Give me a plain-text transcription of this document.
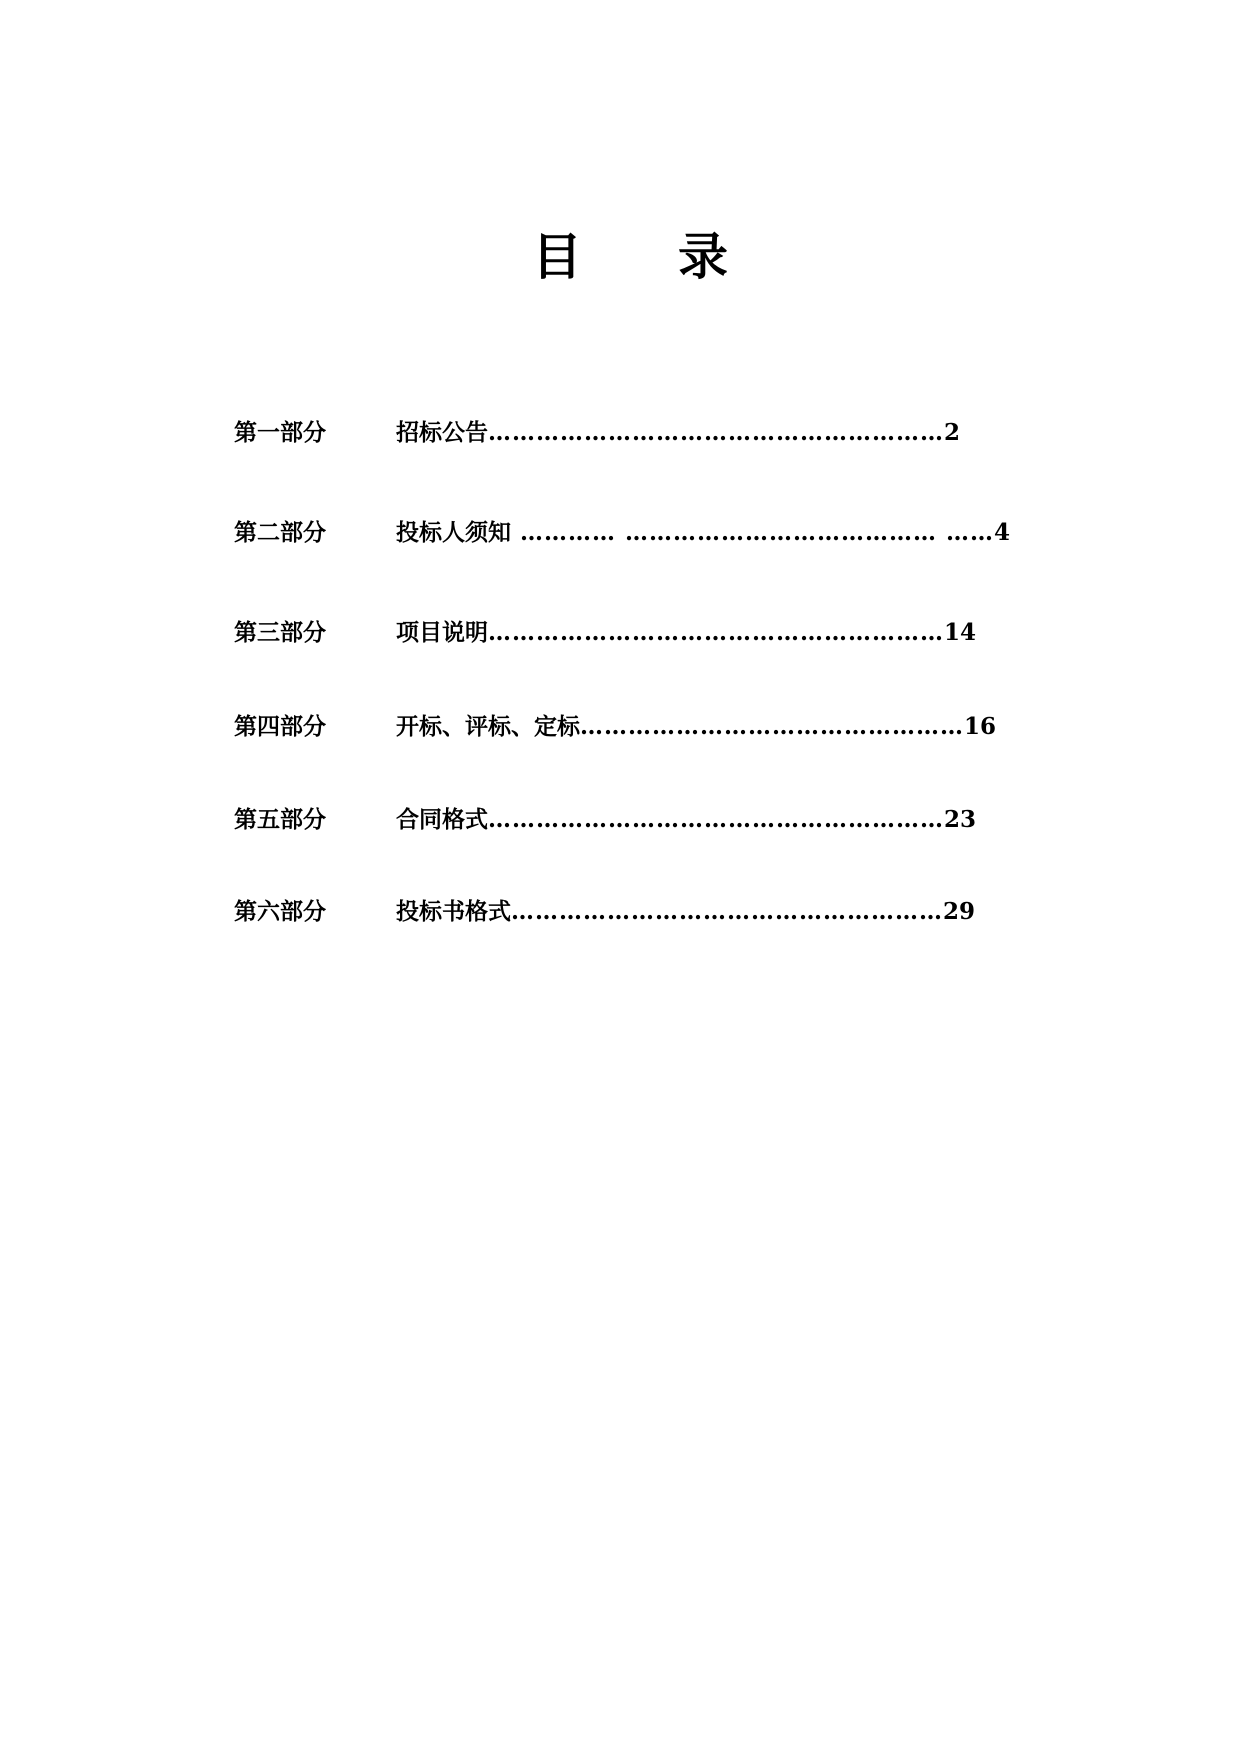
目 录
第一部分	招标公告…………………………………………………2
第二部分	投标人须知 ………… ………………………………… ……4
第三部分	项目说明…………………………………………………14
第四部分	开标、评标、定标…………………………………………16
第五部分	合同格式…………………………………………………23
第六部分	投标书格式………………………………………………29
